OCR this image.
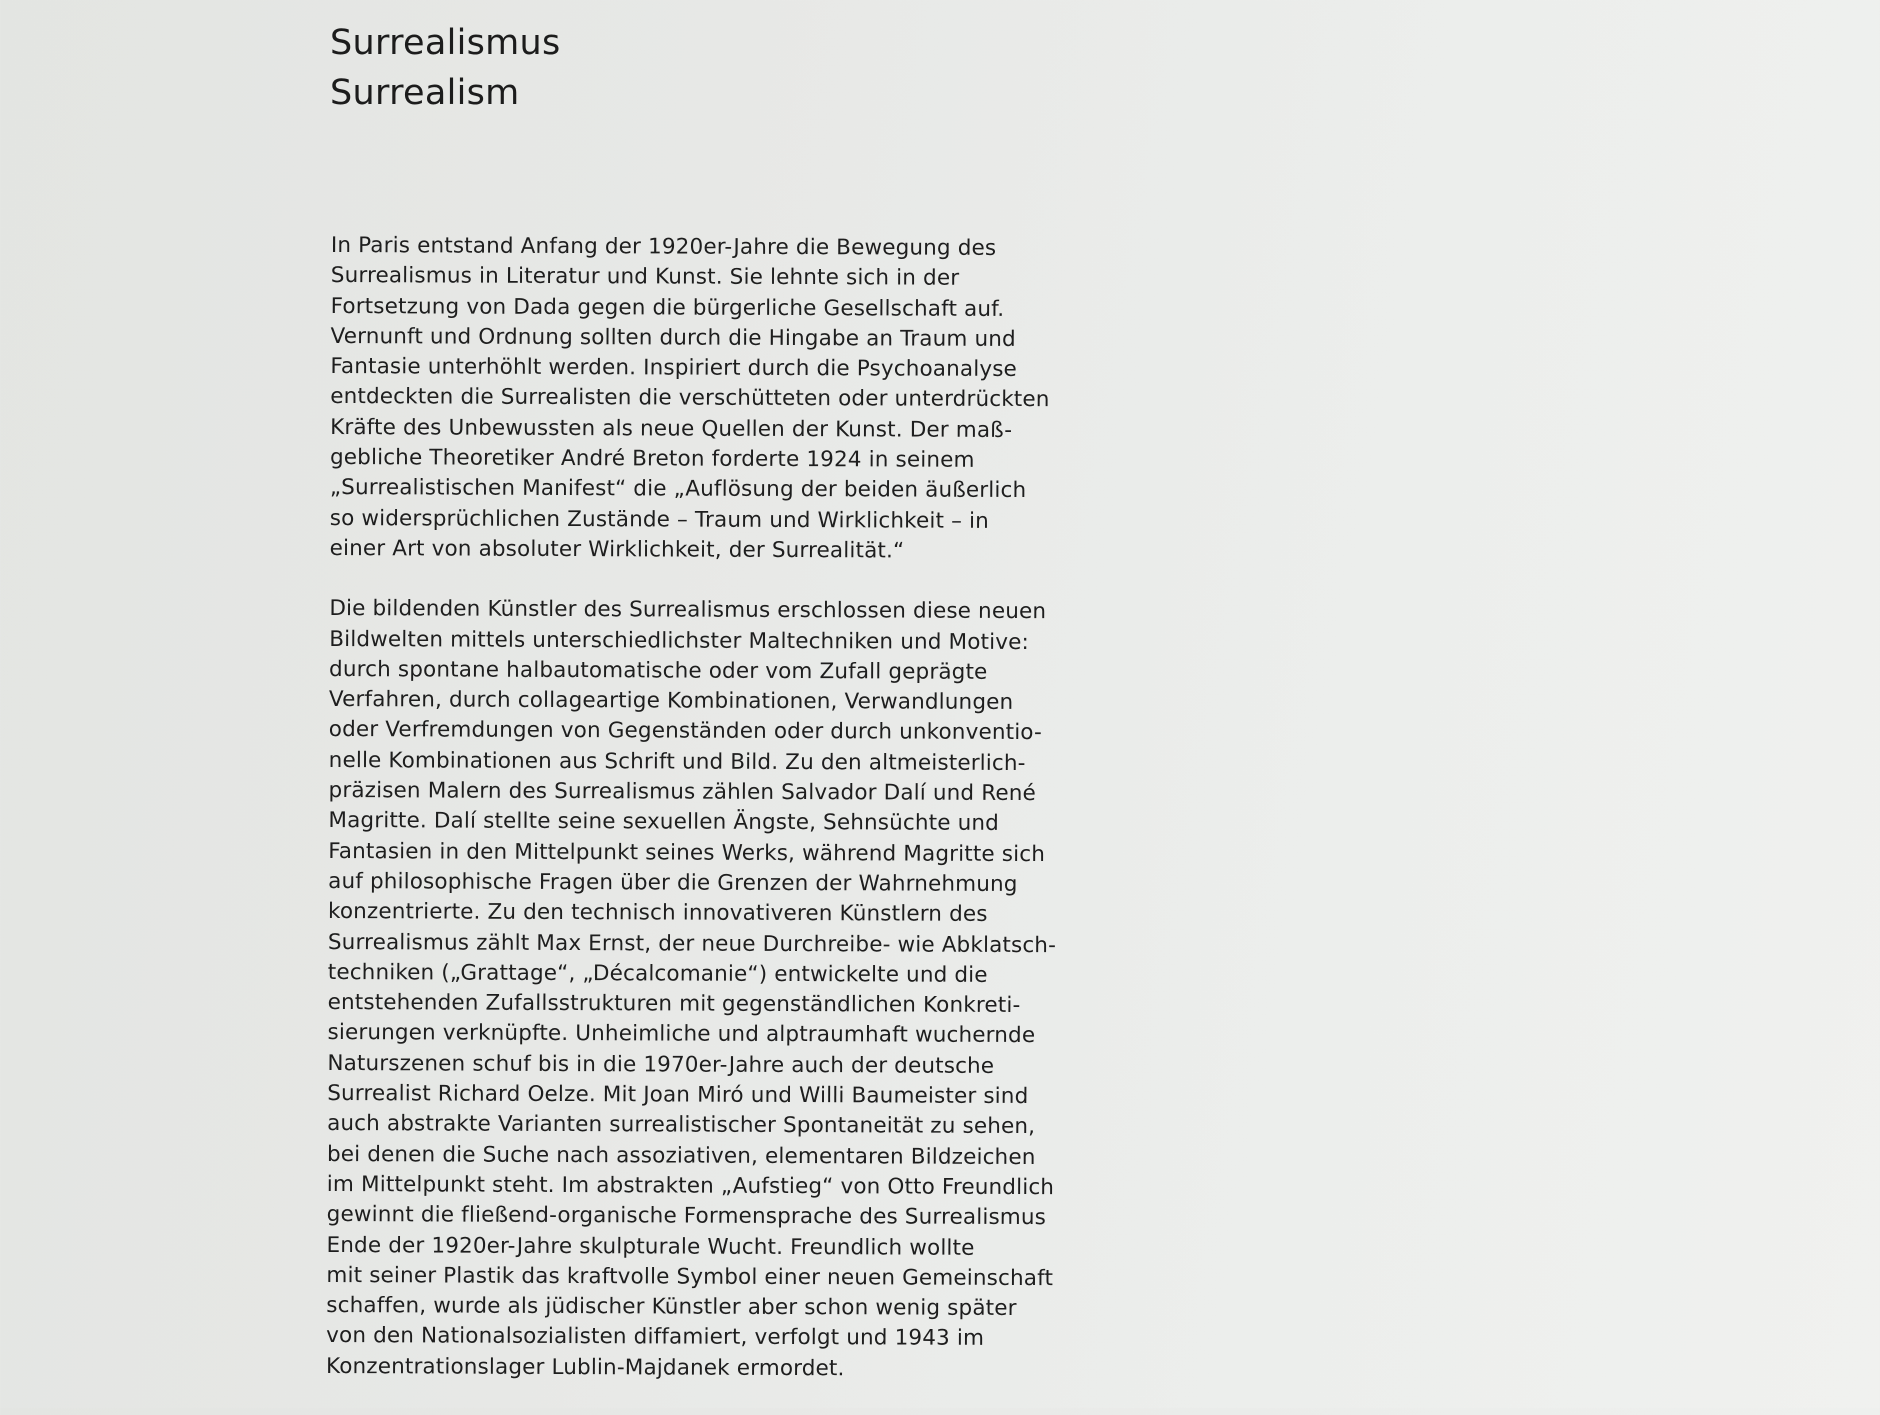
Surrealismus
Surrealism
In Paris entstand Anfang der 1920er-Jahre die Bewegung des
Surrealismus in Literatur und Kunst. Sie lehnte sich in der
Fortsetzung von Dada gegen die bürgerliche Gesellschaft auf.
Vernunft und Ordnung sollten durch die Hingabe an Traum und
Fantasie unterhöhlt werden. Inspiriert durch die Psychoanalyse
entdeckten die Surrealisten die verschütteten oder unterdrückten
Kräfte des Unbewussten als neue Quellen der Kunst. Der maß-
gebliche Theoretiker André Breton forderte 1924 in seinem
„Surrealistischen Manifest“ die „Auflösung der beiden äußerlich
so widersprüchlichen Zustände – Traum und Wirklichkeit – in
einer Art von absoluter Wirklichkeit, der Surrealität.“
Die bildenden Künstler des Surrealismus erschlossen diese neuen
Bildwelten mittels unterschiedlichster Maltechniken und Motive:
durch spontane halbautomatische oder vom Zufall geprägte
Verfahren, durch collageartige Kombinationen, Verwandlungen
oder Verfremdungen von Gegenständen oder durch unkonventio-
nelle Kombinationen aus Schrift und Bild. Zu den altmeisterlich-
präzisen Malern des Surrealismus zählen Salvador Dalí und René
Magritte. Dalí stellte seine sexuellen Ängste, Sehnsüchte und
Fantasien in den Mittelpunkt seines Werks, während Magritte sich
auf philosophische Fragen über die Grenzen der Wahrnehmung
konzentrierte. Zu den technisch innovativeren Künstlern des
Surrealismus zählt Max Ernst, der neue Durchreibe- wie Abklatsch-
techniken („Grattage“, „Décalcomanie“) entwickelte und die
entstehenden Zufallsstrukturen mit gegenständlichen Konkreti-
sierungen verknüpfte. Unheimliche und alptraumhaft wuchernde
Naturszenen schuf bis in die 1970er-Jahre auch der deutsche
Surrealist Richard Oelze. Mit Joan Miró und Willi Baumeister sind
auch abstrakte Varianten surrealistischer Spontaneität zu sehen,
bei denen die Suche nach assoziativen, elementaren Bildzeichen
im Mittelpunkt steht. Im abstrakten „Aufstieg“ von Otto Freundlich
gewinnt die fließend-organische Formensprache des Surrealismus
Ende der 1920er-Jahre skulpturale Wucht. Freundlich wollte
mit seiner Plastik das kraftvolle Symbol einer neuen Gemeinschaft
schaffen, wurde als jüdischer Künstler aber schon wenig später
von den Nationalsozialisten diffamiert, verfolgt und 1943 im
Konzentrationslager Lublin-Majdanek ermordet.
